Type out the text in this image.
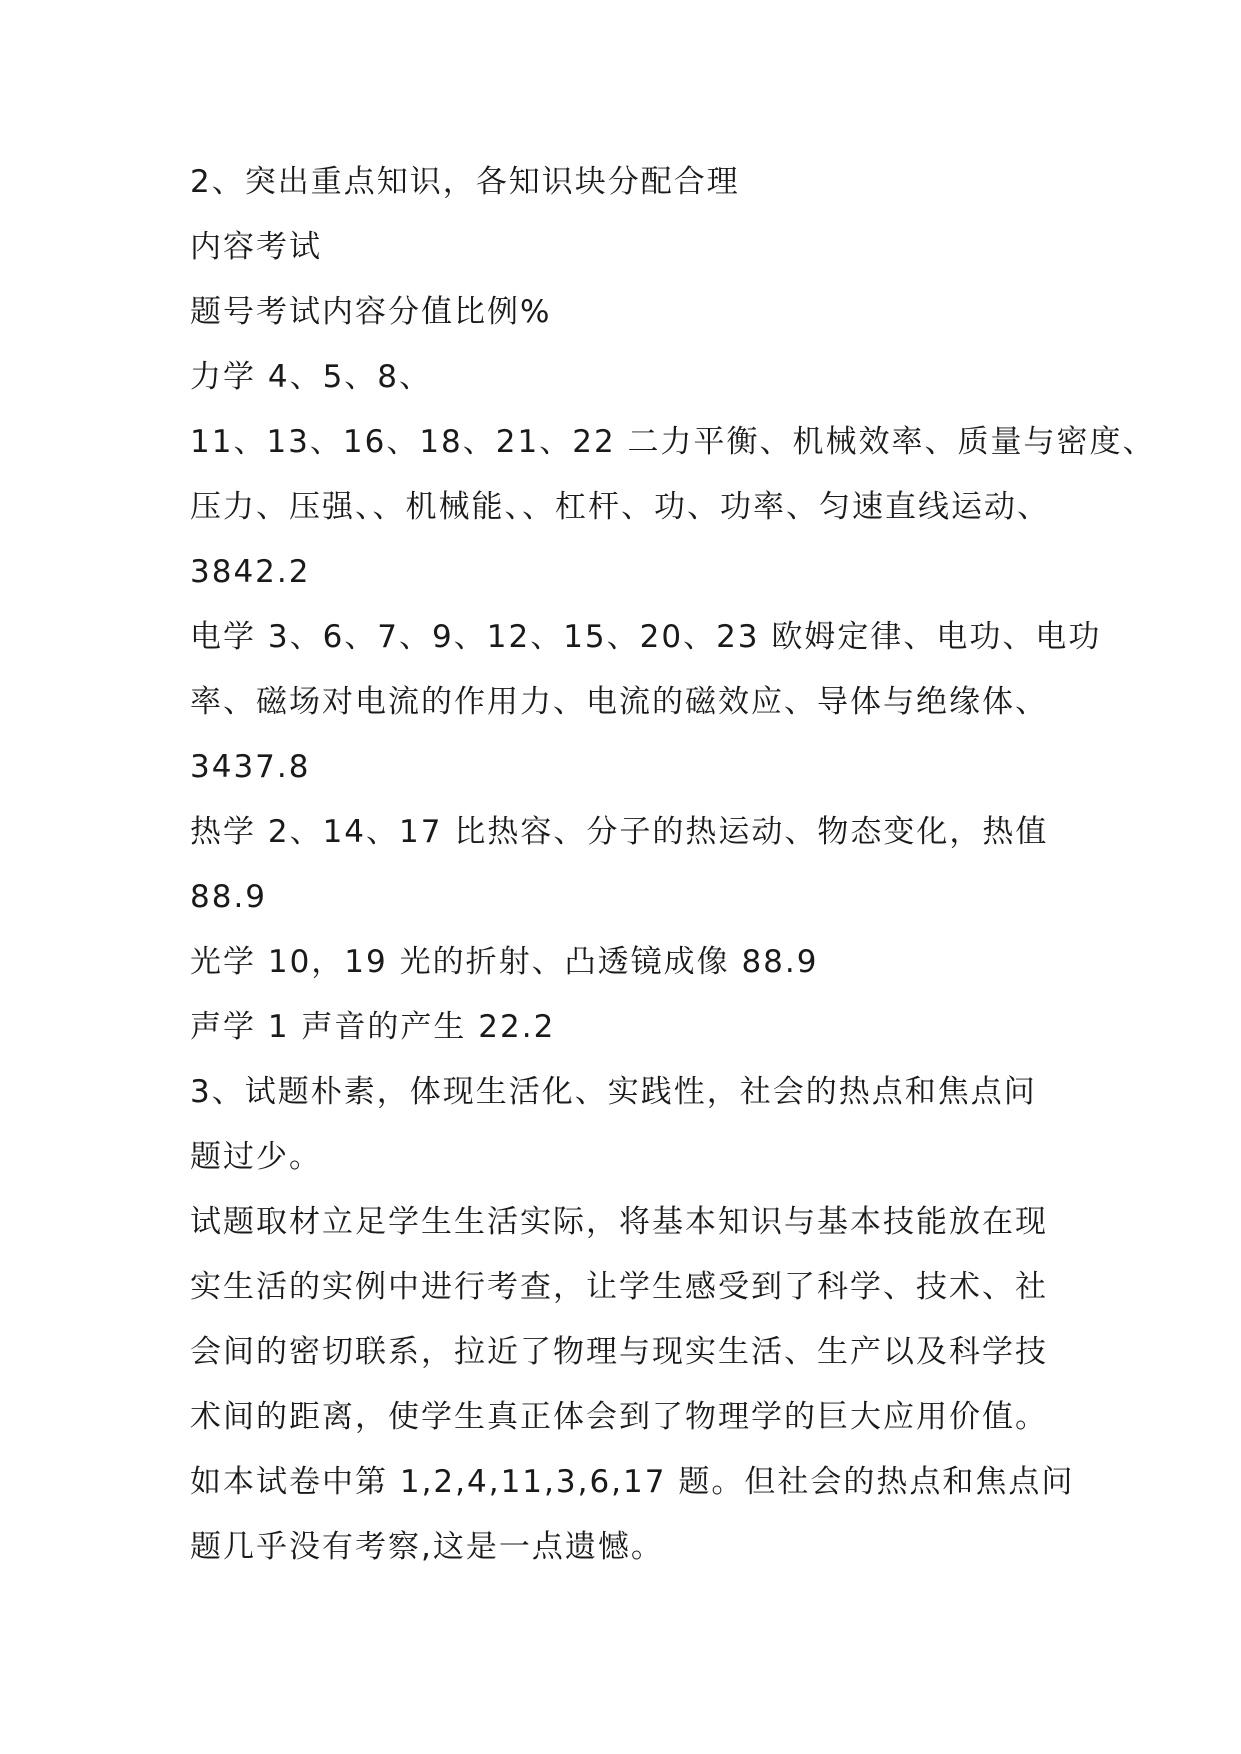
2、突出重点知识，各知识块分配合理
内容考试
题号考试内容分值比例%
力学 4、5、8、
11、13、16、18、21、22 二力平衡、机械效率、质量与密度、
压力、压强、、机械能、、杠杆、功、功率、匀速直线运动、
3842.2
电学 3、6、7、9、12、15、20、23 欧姆定律、电功、电功
率、磁场对电流的作用力、电流的磁效应、导体与绝缘体、
3437.8
热学 2、14、17 比热容、分子的热运动、物态变化，热值
88.9
光学 10，19 光的折射、凸透镜成像 88.9
声学 1 声音的产生 22.2
3、试题朴素，体现生活化、实践性，社会的热点和焦点问
题过少。
试题取材立足学生生活实际，将基本知识与基本技能放在现
实生活的实例中进行考查，让学生感受到了科学、技术、社
会间的密切联系，拉近了物理与现实生活、生产以及科学技
术间的距离，使学生真正体会到了物理学的巨大应用价值。
如本试卷中第 1,2,4,11,3,6,17 题。但社会的热点和焦点问
题几乎没有考察,这是一点遗憾。
